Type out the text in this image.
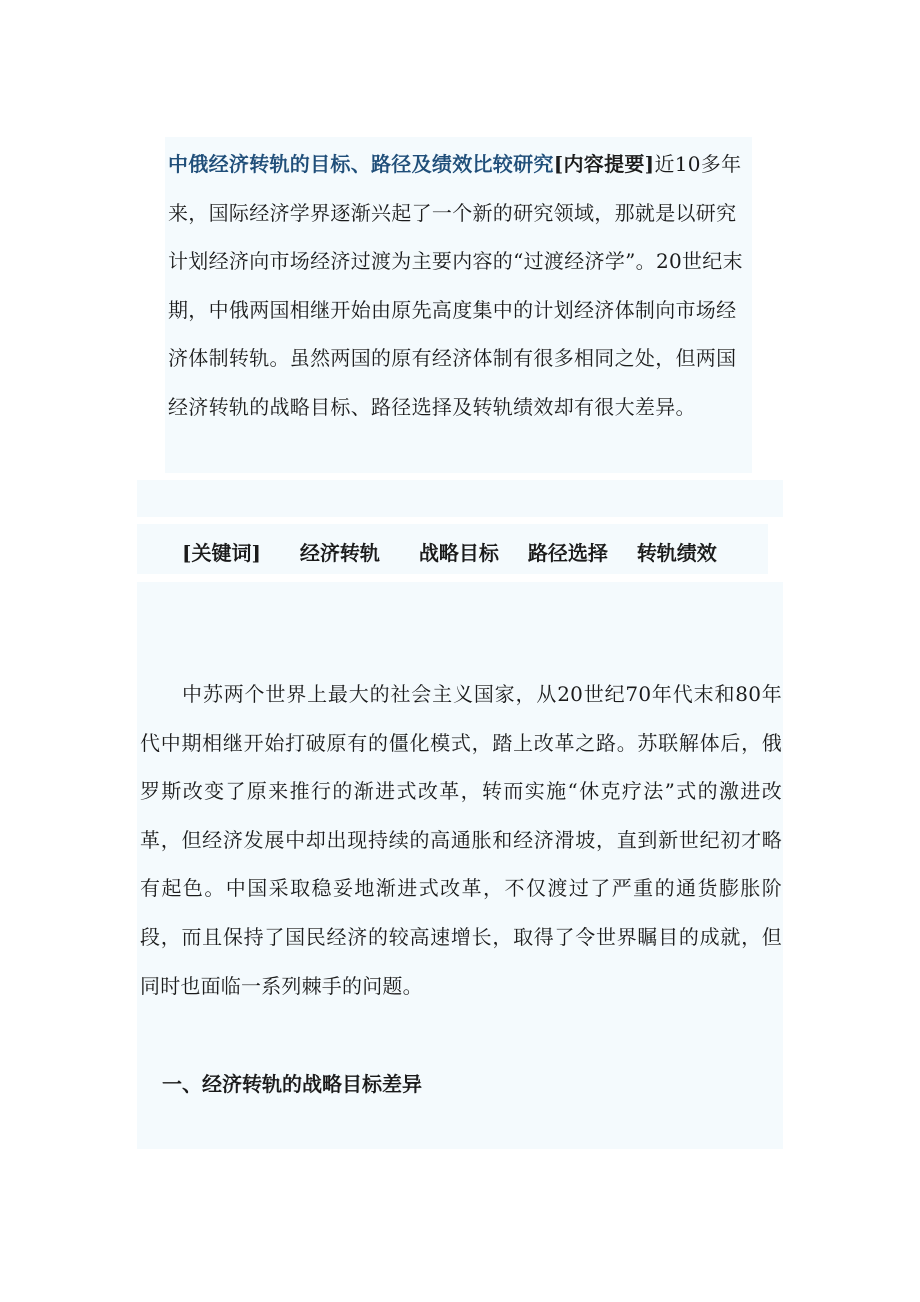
中俄经济转轨的目标、路径及绩效比较研究[内容提要]近10多年来，国际经济学界逐渐兴起了一个新的研究领域，那就是以研究计划经济向市场经济过渡为主要内容的“过渡经济学”。20世纪末期，中俄两国相继开始由原先高度集中的计划经济体制向市场经济体制转轨。虽然两国的原有经济体制有很多相同之处，但两国经济转轨的战略目标、路径选择及转轨绩效却有很大差异。
[关键词] 经济转轨 战略目标 路径选择 转轨绩效
中苏两个世界上最大的社会主义国家，从20世纪70年代末和80年代中期相继开始打破原有的僵化模式，踏上改革之路。苏联解体后，俄罗斯改变了原来推行的渐进式改革，转而实施“休克疗法”式的激进改革，但经济发展中却出现持续的高通胀和经济滑坡，直到新世纪初才略有起色。中国采取稳妥地渐进式改革，不仅渡过了严重的通货膨胀阶段，而且保持了国民经济的较高速增长，取得了令世界瞩目的成就，但同时也面临一系列棘手的问题。
一、经济转轨的战略目标差异
